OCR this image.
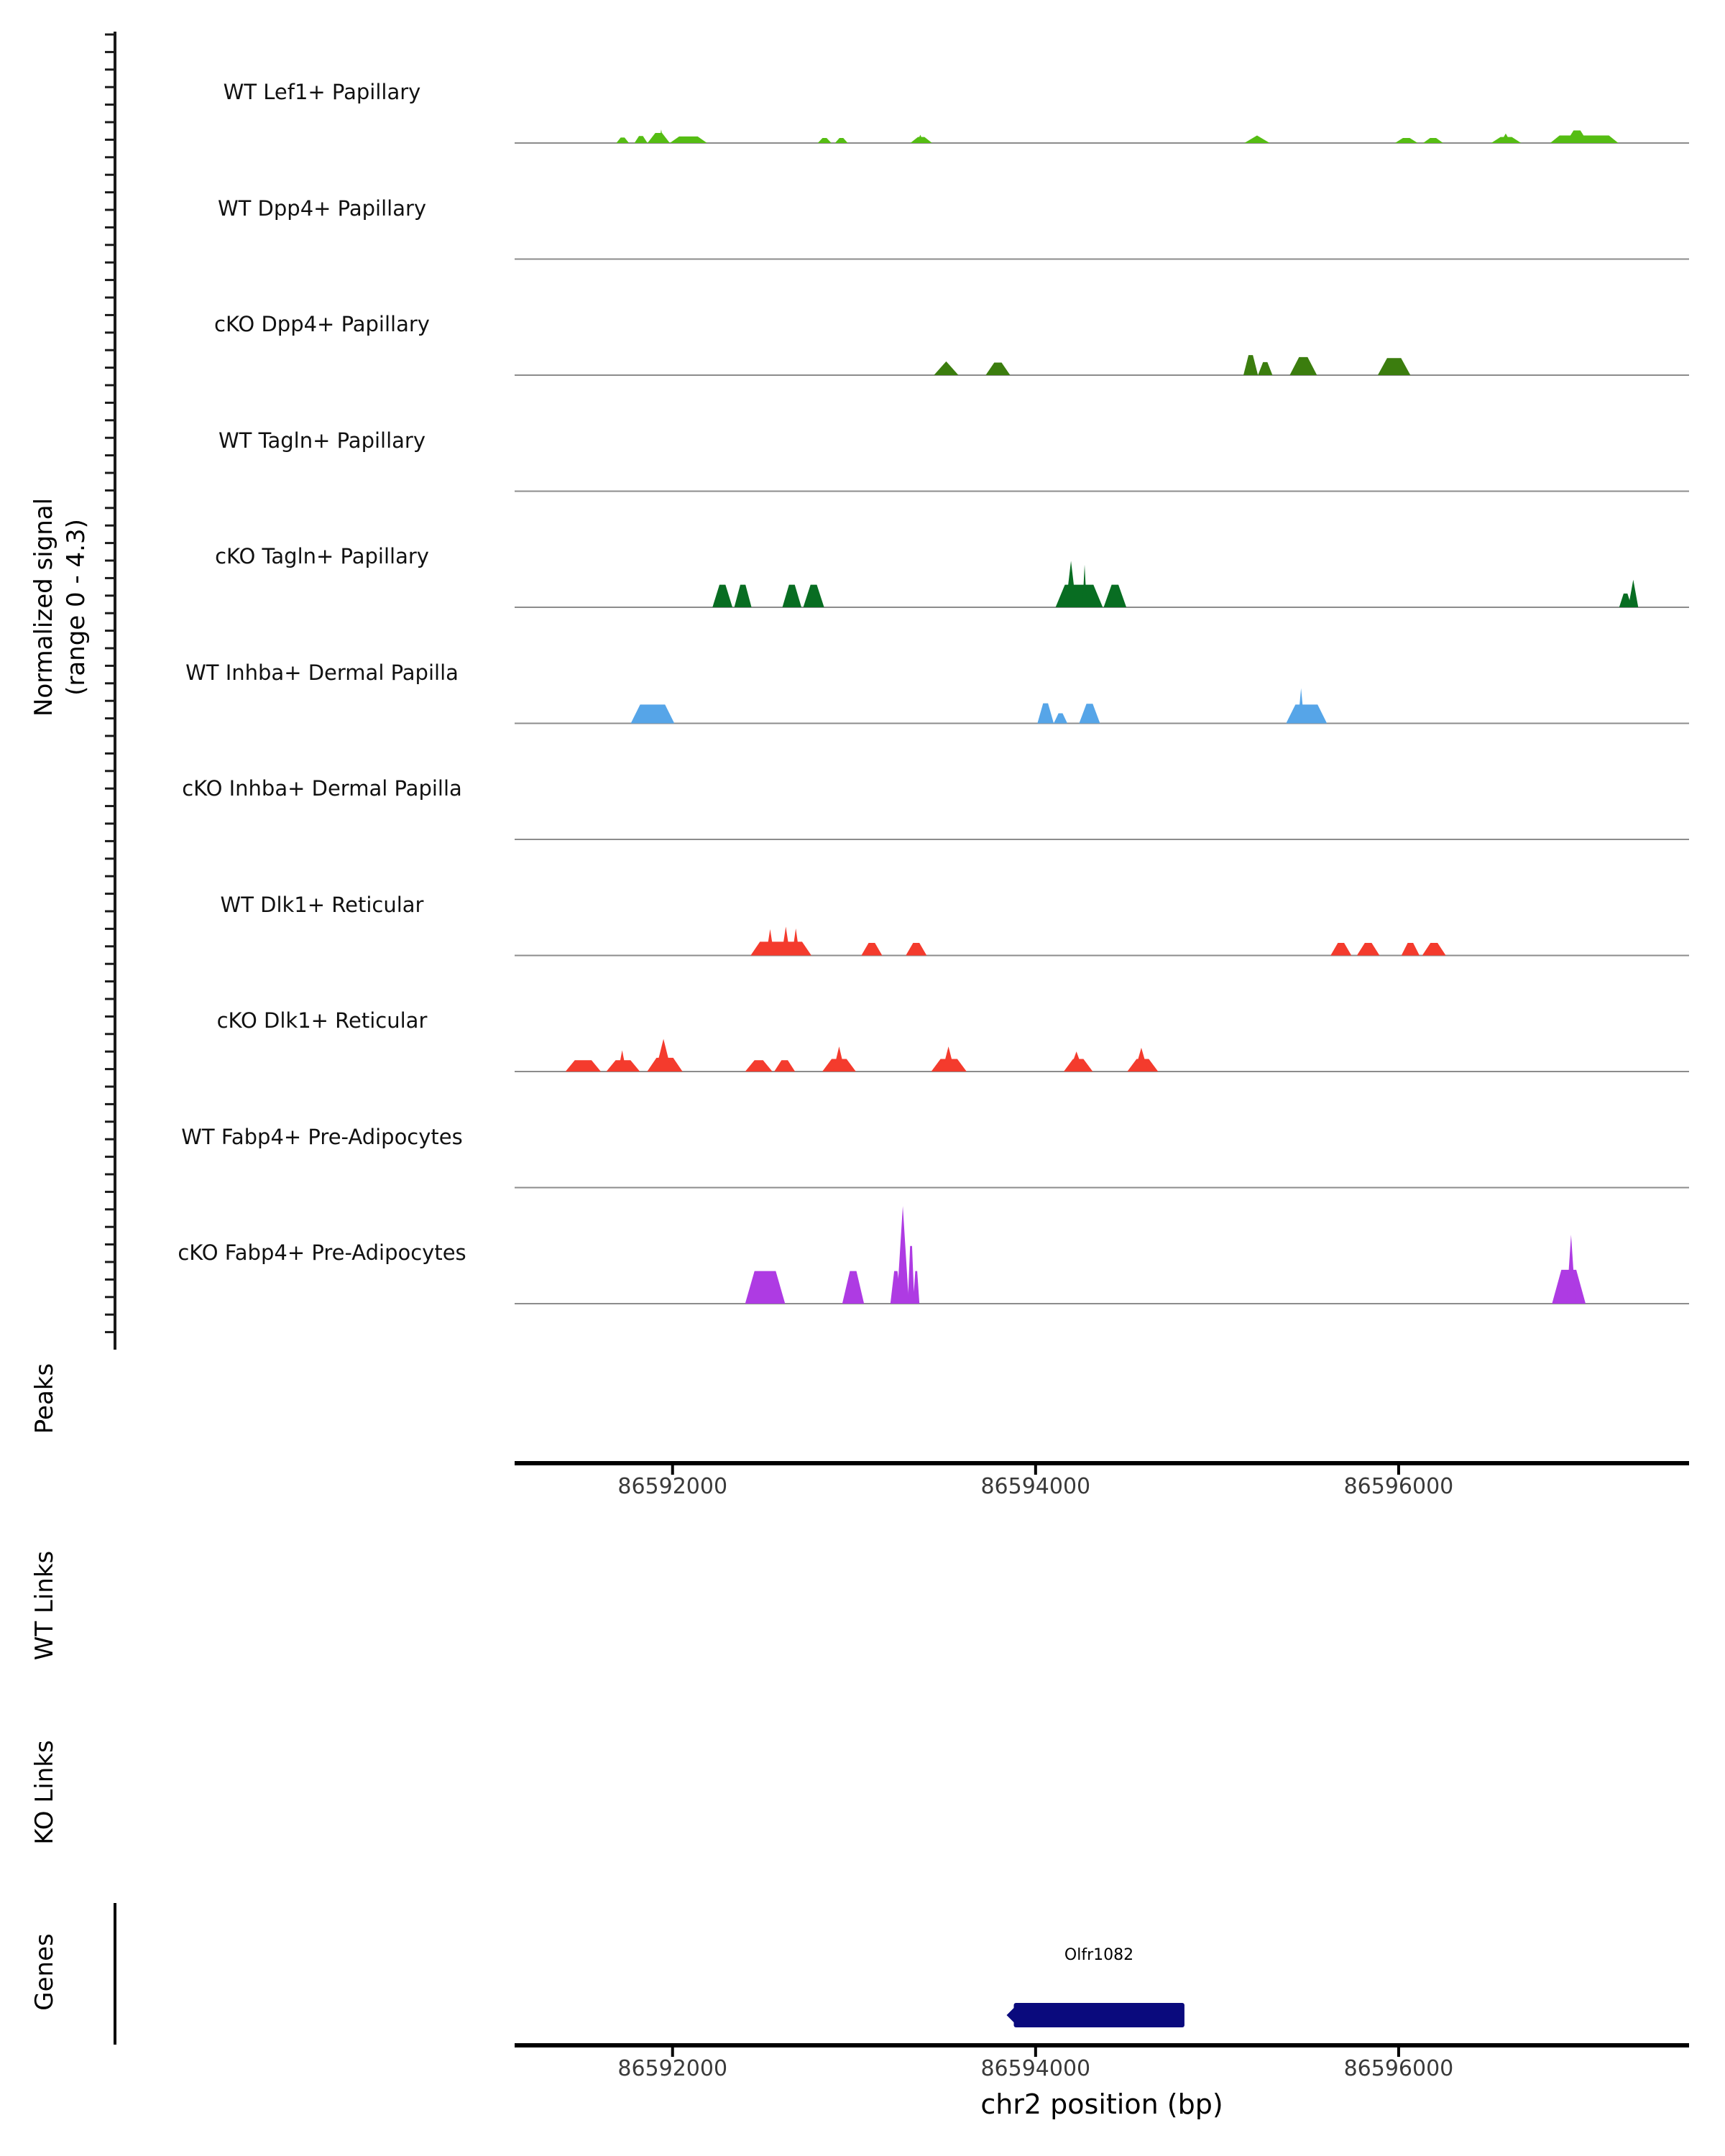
86592000	86594000	86596000
86592000	86594000	86596000
Normalized signal (range 0 - 4.3)
Peaks
WT Links
KO Links
Genes
WT Lef1+ Papillary
WT Dpp4+ Papillary
cKO Dpp4+ Papillary
WT Tagln+ Papillary
cKO Tagln+ Papillary
WT Inhba+ Dermal Papilla
cKO Inhba+ Dermal Papilla
WT Dlk1+ Reticular
cKO Dlk1+ Reticular
WT Fabp4+ Pre-Adipocytes
cKO Fabp4+ Pre-Adipocytes
Olfr1082
chr2 position (bp)
